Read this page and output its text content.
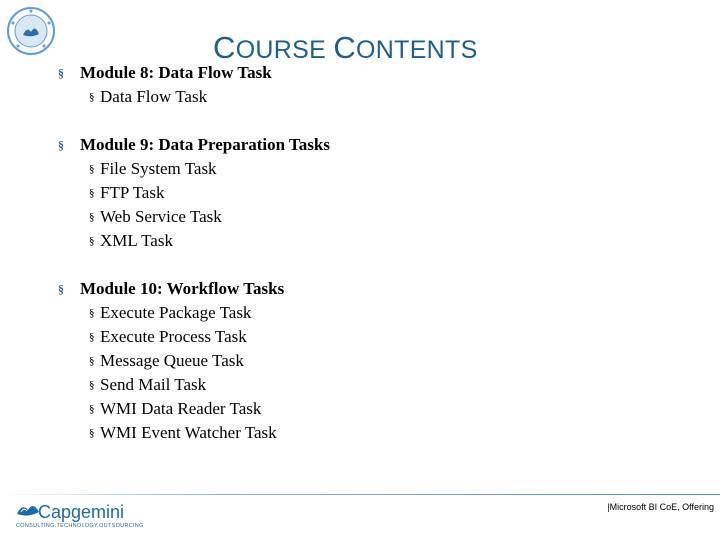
COURSE CONTENTS
§ Module 8: Data Flow Task
§ Data Flow Task
§ Module 9: Data Preparation Tasks
§ File System Task
§ FTP Task
§ Web Service Task
§ XML Task
§ Module 10: Workflow Tasks
§ Execute Package Task
§ Execute Process Task
§ Message Queue Task
§ Send Mail Task
§ WMI Data Reader Task
§ WMI Event Watcher Task
Capgemini
CONSULTING.TECHNOLOGY.OUTSOURCING
|Microsoft BI CoE, Offering
